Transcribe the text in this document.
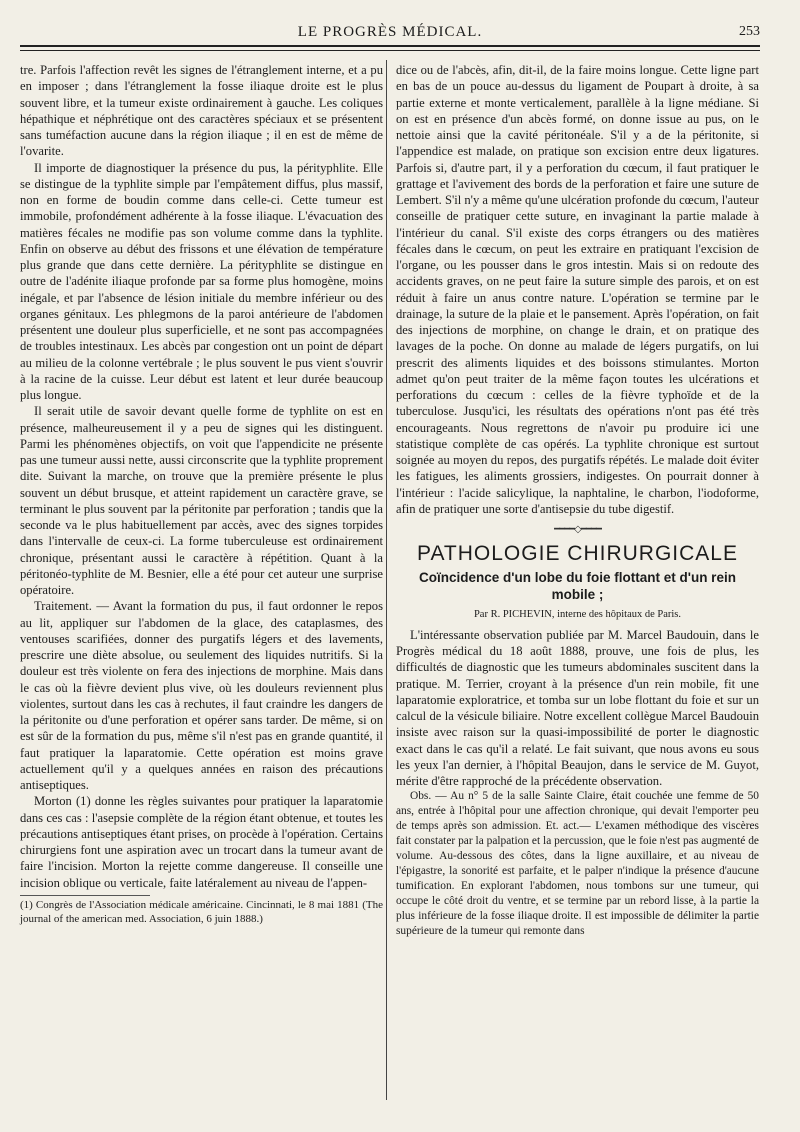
LE PROGRÈS MÉDICAL.	253

tre. Parfois l'affection revêt les signes de l'étranglement interne, et a pu en imposer ; dans l'étranglement la fosse iliaque droite est le plus souvent libre, et la tumeur existe ordinairement à gauche. Les coliques hépathique et néphrétique ont des caractères spéciaux et se présentent sans tuméfaction aucune dans la région iliaque ; il en est de même de l'ovarite.

Il importe de diagnostiquer la présence du pus, la pérityphlite. Elle se distingue de la typhlite simple par l'empâtement diffus, plus massif, non en forme de boudin comme dans celle-ci. Cette tumeur est immobile, profondément adhérente à la fosse iliaque. L'évacuation des matières fécales ne modifie pas son volume comme dans la typhlite. Enfin on observe au début des frissons et une élévation de température plus grande que dans cette dernière. La pérityphlite se distingue en outre de l'adénite iliaque profonde par sa forme plus homogène, moins inégale, et par l'absence de lésion initiale du membre inférieur ou des organes génitaux. Les phlegmons de la paroi antérieure de l'abdomen présentent une douleur plus superficielle, et ne sont pas accompagnées de troubles intestinaux. Les abcès par congestion ont un point de départ au milieu de la colonne vertébrale ; le plus souvent le pus vient s'ouvrir à la racine de la cuisse. Leur début est latent et leur durée beaucoup plus longue.

Il serait utile de savoir devant quelle forme de typhlite on est en présence, malheureusement il y a peu de signes qui les distinguent. Parmi les phénomènes objectifs, on voit que l'appendicite ne présente pas une tumeur aussi nette, aussi circonscrite que la typhlite proprement dite. Suivant la marche, on trouve que la première présente le plus souvent un début brusque, et atteint rapidement un caractère grave, se terminant le plus souvent par la péritonite par perforation ; tandis que la seconde va le plus habituellement par accès, avec des signes torpides dans l'intervalle de ceux-ci. La forme tuberculeuse est ordinairement chronique, présentant aussi le caractère à répétition. Quant à la péritonéo-typhlite de M. Besnier, elle a été pour cet auteur une surprise opératoire.

Traitement. — Avant la formation du pus, il faut ordonner le repos au lit, appliquer sur l'abdomen de la glace, des cataplasmes, des ventouses scarifiées, donner des purgatifs légers et des lavements, prescrire une diète absolue, ou seulement des liquides nutritifs. Si la douleur est très violente on fera des injections de morphine. Mais dans le cas où la fièvre devient plus vive, où les douleurs reviennent plus violentes, surtout dans les cas à rechutes, il faut craindre les dangers de la péritonite ou d'une perforation et opérer sans tarder. De même, si on est sûr de la formation du pus, même s'il n'est pas en grande quantité, il faut pratiquer la laparatomie. Cette opération est moins grave actuellement qu'il y a quelques années en raison des précautions antiseptiques.

Morton (1) donne les règles suivantes pour pratiquer la laparatomie dans ces cas : l'asepsie complète de la région étant obtenue, et toutes les précautions antiseptiques étant prises, on procède à l'opération. Certains chirurgiens font une aspiration avec un trocart dans la tumeur avant de faire l'incision. Morton la rejette comme dangereuse. Il conseille une incision oblique ou verticale, faite latéralement au niveau de l'appen-

(1) Congrès de l'Association médicale américaine. Cincinnati, le 8 mai 1881 (The journal of the american med. Association, 6 juin 1888.)

dice ou de l'abcès, afin, dit-il, de la faire moins longue. Cette ligne part en bas de un pouce au-dessus du ligament de Poupart à droite, à sa partie externe et monte verticalement, parallèle à la ligne médiane. Si on est en présence d'un abcès formé, on donne issue au pus, on le nettoie ainsi que la cavité péritonéale. S'il y a de la péritonite, si l'appendice est malade, on pratique son excision entre deux ligatures. Parfois si, d'autre part, il y a perforation du cœcum, il faut pratiquer le grattage et l'avivement des bords de la perforation et faire une suture de Lembert. S'il n'y a même qu'une ulcération profonde du cœcum, l'auteur conseille de pratiquer cette suture, en invaginant la partie malade à l'intérieur du canal. S'il existe des corps étrangers ou des matières fécales dans le cœcum, on peut les extraire en pratiquant l'excision de l'organe, ou les pousser dans le gros intestin. Mais si on redoute des accidents graves, on ne peut faire la suture simple des parois, et on est réduit à faire un anus contre nature. L'opération se termine par le drainage, la suture de la plaie et le pansement. Après l'opération, on fait des injections de morphine, on change le drain, et on pratique des lavages de la poche. On donne au malade de légers purgatifs, on lui prescrit des aliments liquides et des boissons stimulantes. Morton admet qu'on peut traiter de la même façon toutes les ulcérations et perforations du cœcum : celles de la fièvre typhoïde et de la tuberculose. Jusqu'ici, les résultats des opérations n'ont pas été très encourageants. Nous regrettons de n'avoir pu produire ici une statistique complète de cas opérés. La typhlite chronique est surtout soignée au moyen du repos, des purgatifs répétés. Le malade doit éviter les fatigues, les aliments grossiers, indigestes. On pourrait donner à l'intérieur : l'acide salicylique, la naphtaline, le charbon, l'iodoforme, afin de pratiquer une sorte d'antisepsie du tube digestif.

━━━━◇━━━━
PATHOLOGIE CHIRURGICALE
Coïncidence d'un lobe du foie flottant et d'un rein mobile ;
Par R. PICHEVIN, interne des hôpitaux de Paris.

L'intéressante observation publiée par M. Marcel Baudouin, dans le Progrès médical du 18 août 1888, prouve, une fois de plus, les difficultés de diagnostic que les tumeurs abdominales suscitent dans la pratique. M. Terrier, croyant à la présence d'un rein mobile, fit une laparatomie exploratrice, et tomba sur un lobe flottant du foie et sur un calcul de la vésicule biliaire. Notre excellent collègue Marcel Baudouin insiste avec raison sur la quasi-impossibilité de porter le diagnostic exact dans le cas qu'il a relaté. Le fait suivant, que nous avons eu sous les yeux l'an dernier, à l'hôpital Beaujon, dans le service de M. Guyot, mérite d'être rapproché de la précédente observation.

Obs. — Au n° 5 de la salle Sainte Claire, était couchée une femme de 50 ans, entrée à l'hôpital pour une affection chronique, qui devait l'emporter peu de temps après son admission. Et. act.— L'examen méthodique des viscères fait constater par la palpation et la percussion, que le foie n'est pas augmenté de volume. Au-dessous des côtes, dans la ligne auxillaire, et au niveau de l'épigastre, la sonorité est parfaite, et le palper n'indique la présence d'aucune tumification. En explorant l'abdomen, nous tombons sur une tumeur, qui occupe le côté droit du ventre, et se termine par un rebord lisse, à la partie la plus inférieure de la fosse iliaque droite. Il est impossible de délimiter la partie supérieure de la tumeur qui remonte dans
